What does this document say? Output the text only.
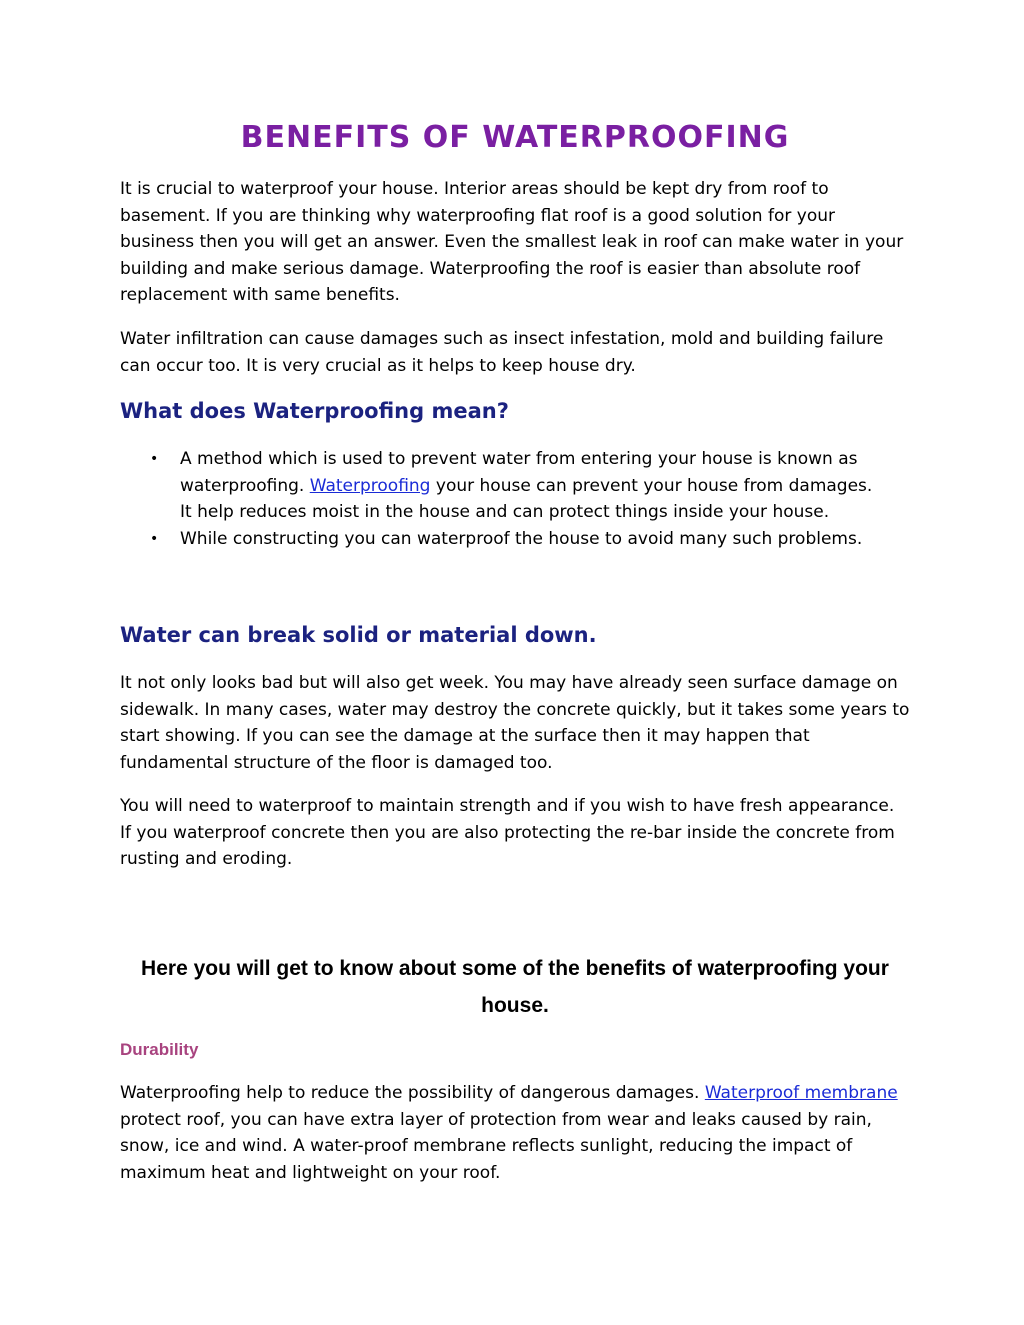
BENEFITS OF WATERPROOFING

It is crucial to waterproof your house. Interior areas should be kept dry from roof to basement. If you are thinking why waterproofing flat roof is a good solution for your business then you will get an answer. Even the smallest leak in roof can make water in your building and make serious damage. Waterproofing the roof is easier than absolute roof replacement with same benefits.

Water infiltration can cause damages such as insect infestation, mold and building failure can occur too. It is very crucial as it helps to keep house dry.

What does Waterproofing mean?
• A method which is used to prevent water from entering your house is known as waterproofing. Waterproofing your house can prevent your house from damages. It help reduces moist in the house and can protect things inside your house.
• While constructing you can waterproof the house to avoid many such problems.
Water can break solid or material down.

It not only looks bad but will also get week. You may have already seen surface damage on sidewalk. In many cases, water may destroy the concrete quickly, but it takes some years to start showing. If you can see the damage at the surface then it may happen that fundamental structure of the floor is damaged too.

You will need to waterproof to maintain strength and if you wish to have fresh appearance. If you waterproof concrete then you are also protecting the re-bar inside the concrete from rusting and eroding.

Here you will get to know about some of the benefits of waterproofing your house.
Durability

Waterproofing help to reduce the possibility of dangerous damages. Waterproof membrane protect roof, you can have extra layer of protection from wear and leaks caused by rain, snow, ice and wind. A water-proof membrane reflects sunlight, reducing the impact of maximum heat and lightweight on your roof.
